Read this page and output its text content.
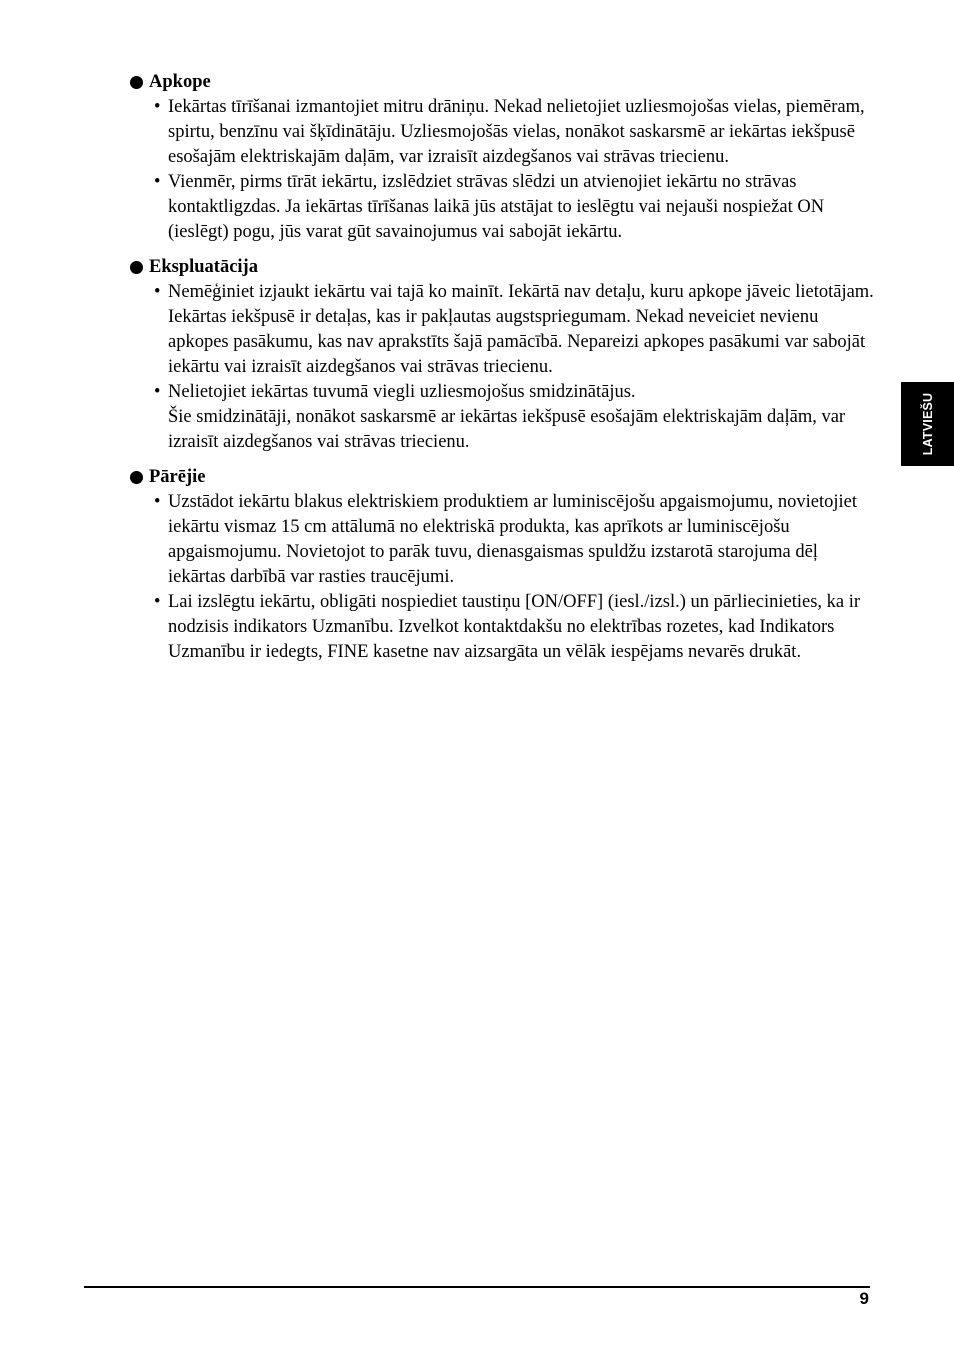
Apkope
• Iekārtas tīrīšanai izmantojiet mitru drāniņu. Nekad nelietojiet uzliesmojošas vielas, piemēram, spirtu, benzīnu vai šķīdinātāju. Uzliesmojošās vielas, nonākot saskarsmē ar iekārtas iekšpusē esošajām elektriskajām daļām, var izraisīt aizdegšanos vai strāvas triecienu.

• Vienmēr, pirms tīrāt iekārtu, izslēdziet strāvas slēdzi un atvienojiet iekārtu no strāvas kontaktligzdas. Ja iekārtas tīrīšanas laikā jūs atstājat to ieslēgtu vai nejauši nospiežat ON (ieslēgt) pogu, jūs varat gūt savainojumus vai sabojāt iekārtu.

Ekspluatācija
• Nemēģiniet izjaukt iekārtu vai tajā ko mainīt. Iekārtā nav detaļu, kuru apkope jāveic lietotājam.

Iekārtas iekšpusē ir detaļas, kas ir pakļautas augstspriegumam. Nekad neveiciet nevienu apkopes pasākumu, kas nav aprakstīts šajā pamācībā. Nepareizi apkopes pasākumi var sabojāt iekārtu vai izraisīt aizdegšanos vai strāvas triecienu.

• Nelietojiet iekārtas tuvumā viegli uzliesmojošus smidzinātājus.

Šie smidzinātāji, nonākot saskarsmē ar iekārtas iekšpusē esošajām elektriskajām daļām, var izraisīt aizdegšanos vai strāvas triecienu.

Pārējie
• Uzstādot iekārtu blakus elektriskiem produktiem ar luminiscējošu apgaismojumu, novietojiet iekārtu vismaz 15 cm attālumā no elektriskā produkta, kas aprīkots ar luminiscējošu apgaismojumu. Novietojot to parāk tuvu, dienasgaismas spuldžu izstarotā starojuma dēļ iekārtas darbībā var rasties traucējumi.

• Lai izslēgtu iekārtu, obligāti nospiediet taustiņu [ON/OFF] (iesl./izsl.) un pārliecinieties, ka ir nodzisis indikators Uzmanību. Izvelkot kontaktdakšu no elektrības rozetes, kad Indikators Uzmanību ir iedegts, FINE kasetne nav aizsargāta un vēlāk iespējams nevarēs drukāt.

LATVIEŠU
9
